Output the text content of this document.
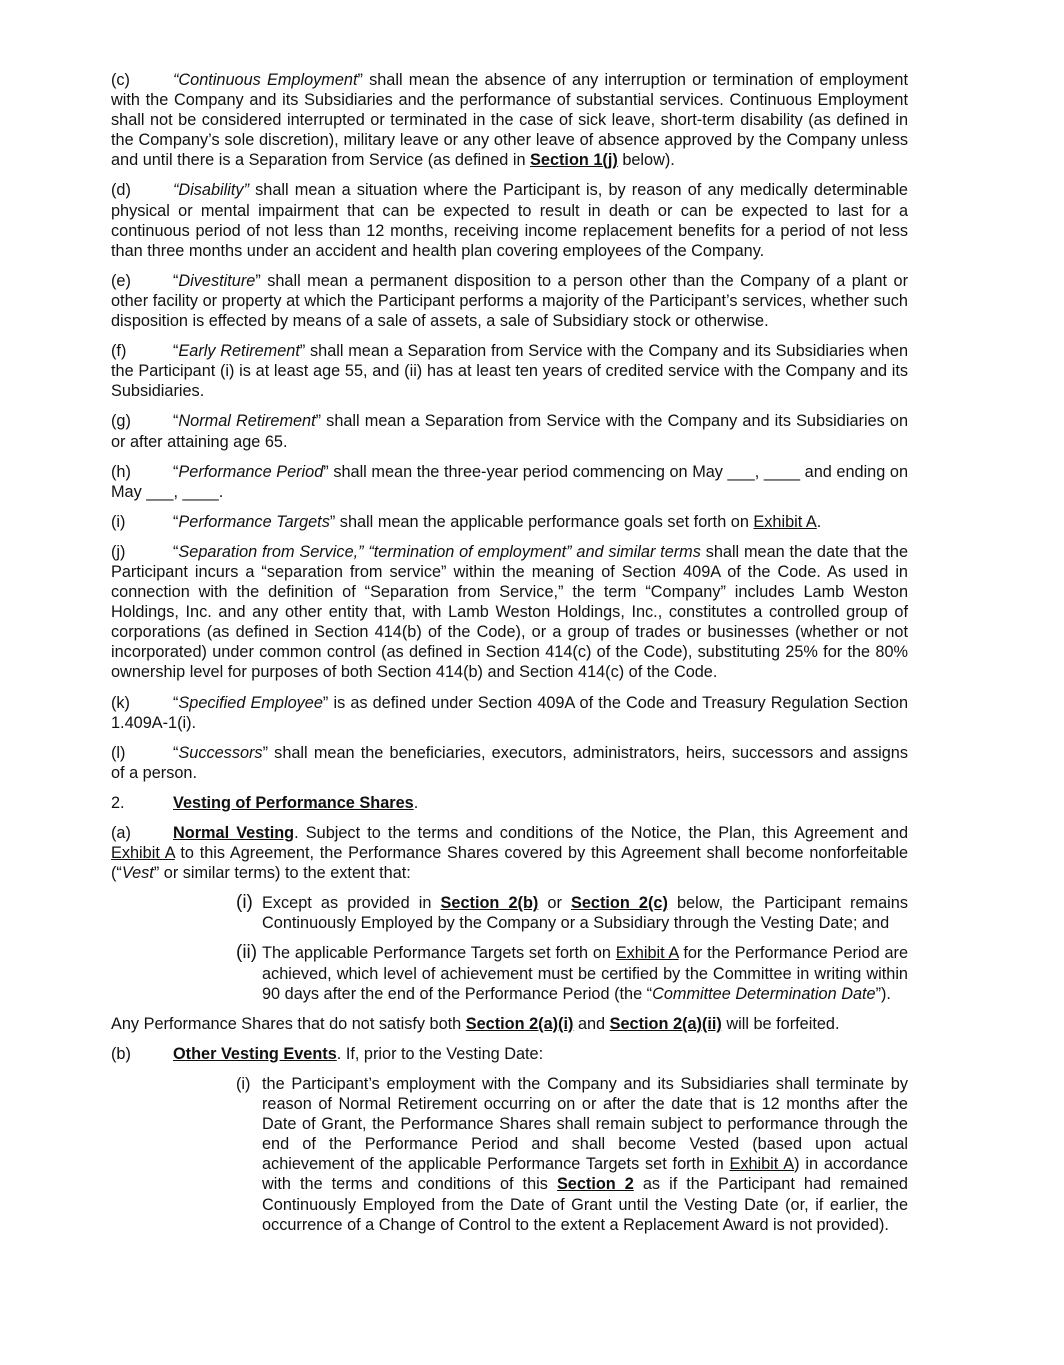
(c)	“Continuous Employment” shall mean the absence of any interruption or termination of employment with the Company and its Subsidiaries and the performance of substantial services. Continuous Employment shall not be considered interrupted or terminated in the case of sick leave, short-term disability (as defined in the Company’s sole discretion), military leave or any other leave of absence approved by the Company unless and until there is a Separation from Service (as defined in Section 1(j) below).

(d)	“Disability” shall mean a situation where the Participant is, by reason of any medically determinable physical or mental impairment that can be expected to result in death or can be expected to last for a continuous period of not less than 12 months, receiving income replacement benefits for a period of not less than three months under an accident and health plan covering employees of the Company.

(e)	“Divestiture” shall mean a permanent disposition to a person other than the Company of a plant or other facility or property at which the Participant performs a majority of the Participant’s services, whether such disposition is effected by means of a sale of assets, a sale of Subsidiary stock or otherwise.

(f)	“Early Retirement” shall mean a Separation from Service with the Company and its Subsidiaries when the Participant (i) is at least age 55, and (ii) has at least ten years of credited service with the Company and its Subsidiaries.

(g)	“Normal Retirement” shall mean a Separation from Service with the Company and its Subsidiaries on or after attaining age 65.

(h)	“Performance Period” shall mean the three-year period commencing on May ___, ____ and ending on May ___, ____.

(i)	“Performance Targets” shall mean the applicable performance goals set forth on Exhibit A.

(j)	“Separation from Service,” “termination of employment” and similar terms shall mean the date that the Participant incurs a “separation from service” within the meaning of Section 409A of the Code. As used in connection with the definition of “Separation from Service,” the term “Company” includes Lamb Weston Holdings, Inc. and any other entity that, with Lamb Weston Holdings, Inc., constitutes a controlled group of corporations (as defined in Section 414(b) of the Code), or a group of trades or businesses (whether or not incorporated) under common control (as defined in Section 414(c) of the Code), substituting 25% for the 80% ownership level for purposes of both Section 414(b) and Section 414(c) of the Code.

(k)	“Specified Employee” is as defined under Section 409A of the Code and Treasury Regulation Section 1.409A-1(i).

(l)	“Successors” shall mean the beneficiaries, executors, administrators, heirs, successors and assigns of a person.

2.	Vesting of Performance Shares.

(a)	Normal Vesting. Subject to the terms and conditions of the Notice, the Plan, this Agreement and Exhibit A to this Agreement, the Performance Shares covered by this Agreement shall become nonforfeitable (“Vest” or similar terms) to the extent that:

(i) Except as provided in Section 2(b) or Section 2(c) below, the Participant remains Continuously Employed by the Company or a Subsidiary through the Vesting Date; and
(ii) The applicable Performance Targets set forth on Exhibit A for the Performance Period are achieved, which level of achievement must be certified by the Committee in writing within 90 days after the end of the Performance Period (the “Committee Determination Date”).

Any Performance Shares that do not satisfy both Section 2(a)(i) and Section 2(a)(ii) will be forfeited.

(b)	Other Vesting Events. If, prior to the Vesting Date:

(i) the Participant’s employment with the Company and its Subsidiaries shall terminate by reason of Normal Retirement occurring on or after the date that is 12 months after the Date of Grant, the Performance Shares shall remain subject to performance through the end of the Performance Period and shall become Vested (based upon actual achievement of the applicable Performance Targets set forth in Exhibit A) in accordance with the terms and conditions of this Section 2 as if the Participant had remained Continuously Employed from the Date of Grant until the Vesting Date (or, if earlier, the occurrence of a Change of Control to the extent a Replacement Award is not provided).
